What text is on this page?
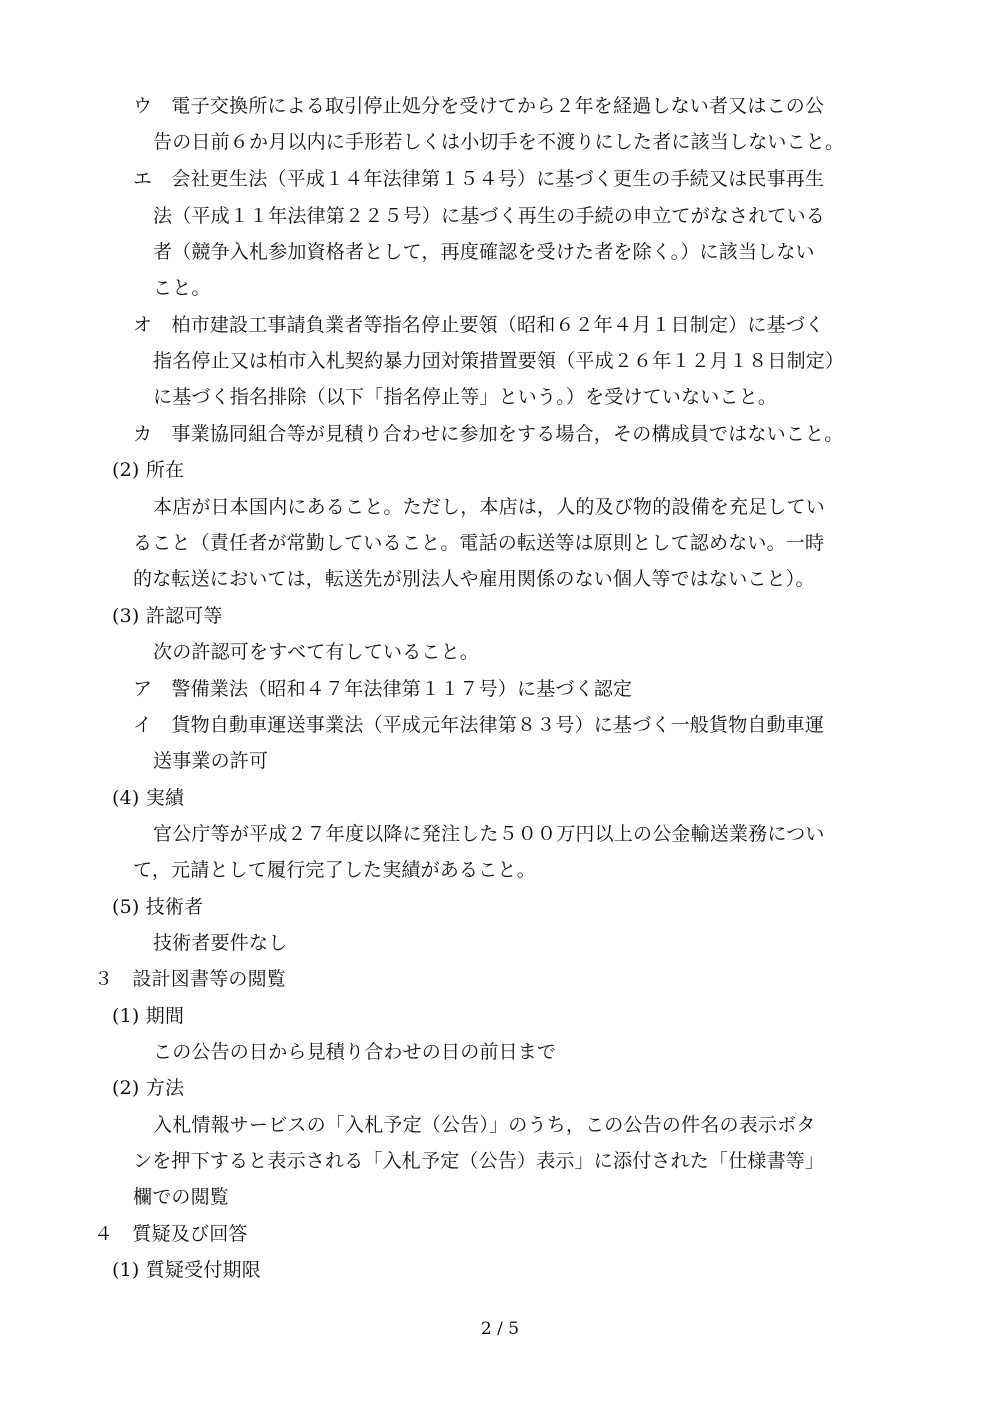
ウ　電子交換所による取引停止処分を受けてから２年を経過しない者又はこの公
告の日前６か月以内に手形若しくは小切手を不渡りにした者に該当しないこと。
エ　会社更生法（平成１４年法律第１５４号）に基づく更生の手続又は民事再生
法（平成１１年法律第２２５号）に基づく再生の手続の申立てがなされている
者（競争入札参加資格者として，再度確認を受けた者を除く。）に該当しない
こと。
オ　柏市建設工事請負業者等指名停止要領（昭和６２年４月１日制定）に基づく
指名停止又は柏市入札契約暴力団対策措置要領（平成２６年１２月１８日制定）
に基づく指名排除（以下「指名停止等」という。）を受けていないこと。
カ　事業協同組合等が見積り合わせに参加をする場合，その構成員ではないこと。
(2) 所在
本店が日本国内にあること。ただし，本店は，人的及び物的設備を充足してい
ること（責任者が常勤していること。電話の転送等は原則として認めない。一時
的な転送においては，転送先が別法人や雇用関係のない個人等ではないこと）。
(3) 許認可等
次の許認可をすべて有していること。
ア　警備業法（昭和４７年法律第１１７号）に基づく認定
イ　貨物自動車運送事業法（平成元年法律第８３号）に基づく一般貨物自動車運
送事業の許可
(4) 実績
官公庁等が平成２７年度以降に発注した５００万円以上の公金輸送業務につい
て，元請として履行完了した実績があること。
(5) 技術者
技術者要件なし
３　設計図書等の閲覧
(1) 期間
この公告の日から見積り合わせの日の前日まで
(2) 方法
入札情報サービスの「入札予定（公告）」のうち，この公告の件名の表示ボタ
ンを押下すると表示される「入札予定（公告）表示」に添付された「仕様書等」
欄での閲覧
４　質疑及び回答
(1) 質疑受付期限
2 / 5
